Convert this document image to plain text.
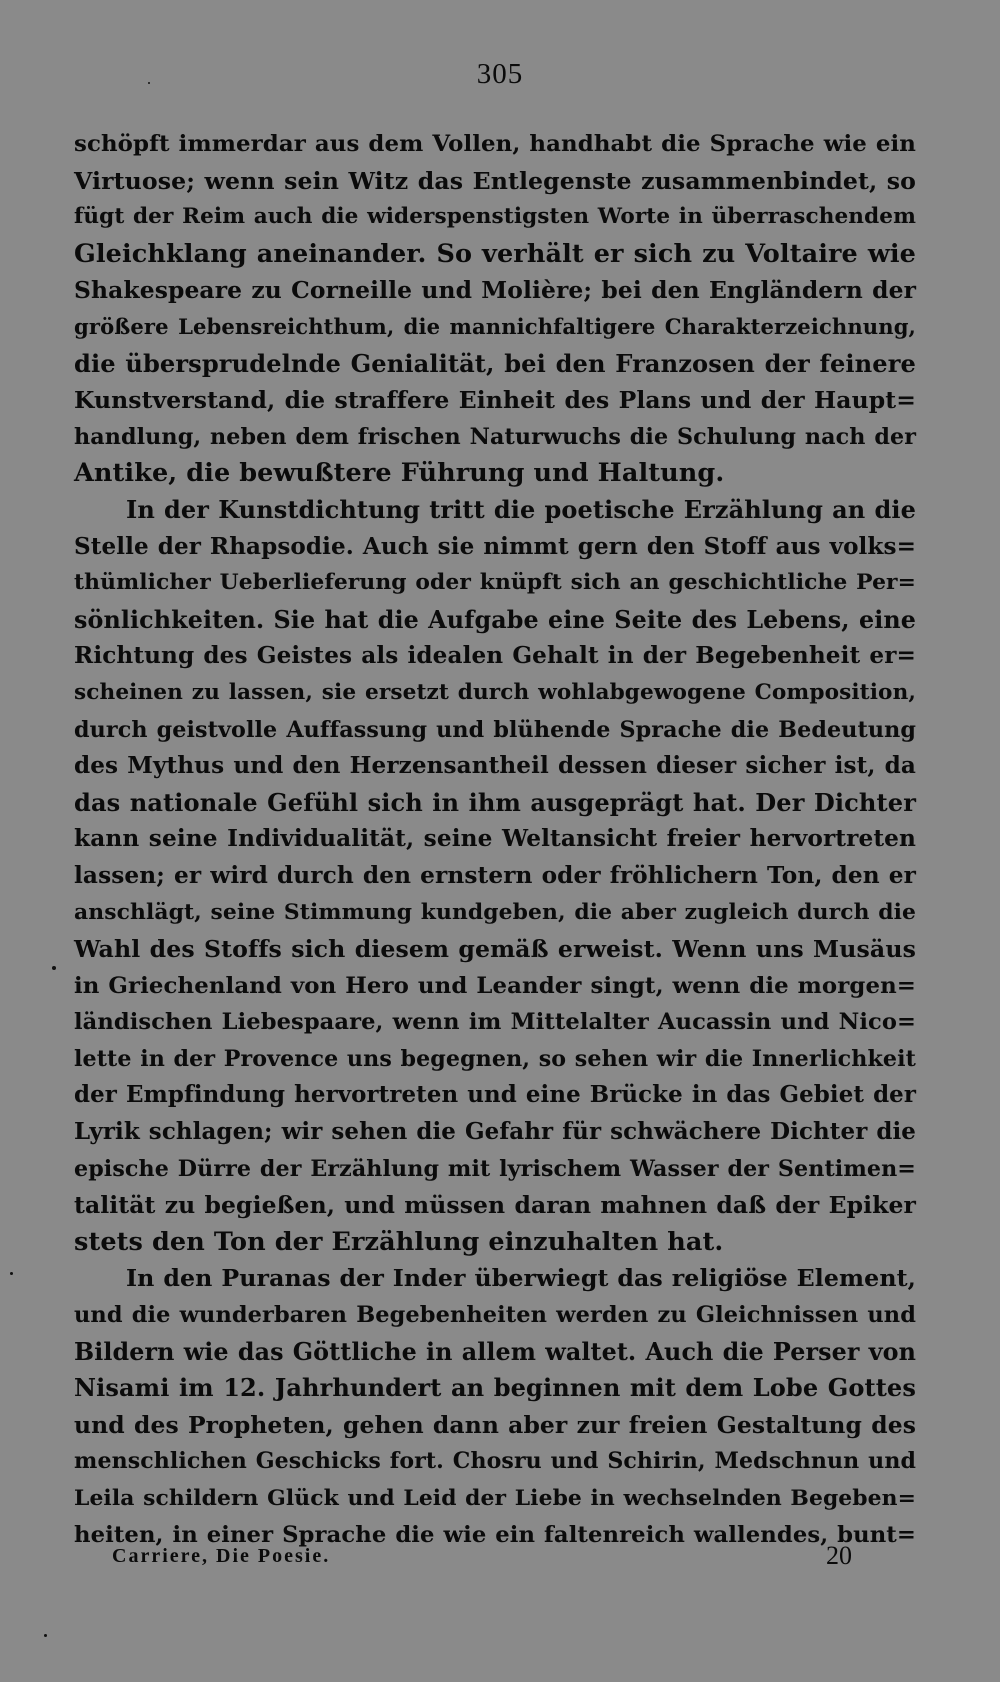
305
schöpft immerdar aus dem Vollen, handhabt die Sprache wie ein
Virtuose; wenn sein Witz das Entlegenste zusammenbindet, so
fügt der Reim auch die widerspenstigsten Worte in überraschendem
Gleichklang aneinander. So verhält er sich zu Voltaire wie
Shakespeare zu Corneille und Molière; bei den Engländern der
größere Lebensreichthum, die mannichfaltigere Charakterzeichnung,
die übersprudelnde Genialität, bei den Franzosen der feinere
Kunstverstand, die straffere Einheit des Plans und der Haupt=
handlung, neben dem frischen Naturwuchs die Schulung nach der
Antike, die bewußtere Führung und Haltung.
In der Kunstdichtung tritt die poetische Erzählung an die
Stelle der Rhapsodie. Auch sie nimmt gern den Stoff aus volks=
thümlicher Ueberlieferung oder knüpft sich an geschichtliche Per=
sönlichkeiten. Sie hat die Aufgabe eine Seite des Lebens, eine
Richtung des Geistes als idealen Gehalt in der Begebenheit er=
scheinen zu lassen, sie ersetzt durch wohlabgewogene Composition,
durch geistvolle Auffassung und blühende Sprache die Bedeutung
des Mythus und den Herzensantheil dessen dieser sicher ist, da
das nationale Gefühl sich in ihm ausgeprägt hat. Der Dichter
kann seine Individualität, seine Weltansicht freier hervortreten
lassen; er wird durch den ernstern oder fröhlichern Ton, den er
anschlägt, seine Stimmung kundgeben, die aber zugleich durch die
Wahl des Stoffs sich diesem gemäß erweist. Wenn uns Musäus
in Griechenland von Hero und Leander singt, wenn die morgen=
ländischen Liebespaare, wenn im Mittelalter Aucassin und Nico=
lette in der Provence uns begegnen, so sehen wir die Innerlichkeit
der Empfindung hervortreten und eine Brücke in das Gebiet der
Lyrik schlagen; wir sehen die Gefahr für schwächere Dichter die
epische Dürre der Erzählung mit lyrischem Wasser der Sentimen=
talität zu begießen, und müssen daran mahnen daß der Epiker
stets den Ton der Erzählung einzuhalten hat.
In den Puranas der Inder überwiegt das religiöse Element,
und die wunderbaren Begebenheiten werden zu Gleichnissen und
Bildern wie das Göttliche in allem waltet. Auch die Perser von
Nisami im 12. Jahrhundert an beginnen mit dem Lobe Gottes
und des Propheten, gehen dann aber zur freien Gestaltung des
menschlichen Geschicks fort. Chosru und Schirin, Medschnun und
Leila schildern Glück und Leid der Liebe in wechselnden Begeben=
heiten, in einer Sprache die wie ein faltenreich wallendes, bunt=
Carriere, Die Poesie.	20
